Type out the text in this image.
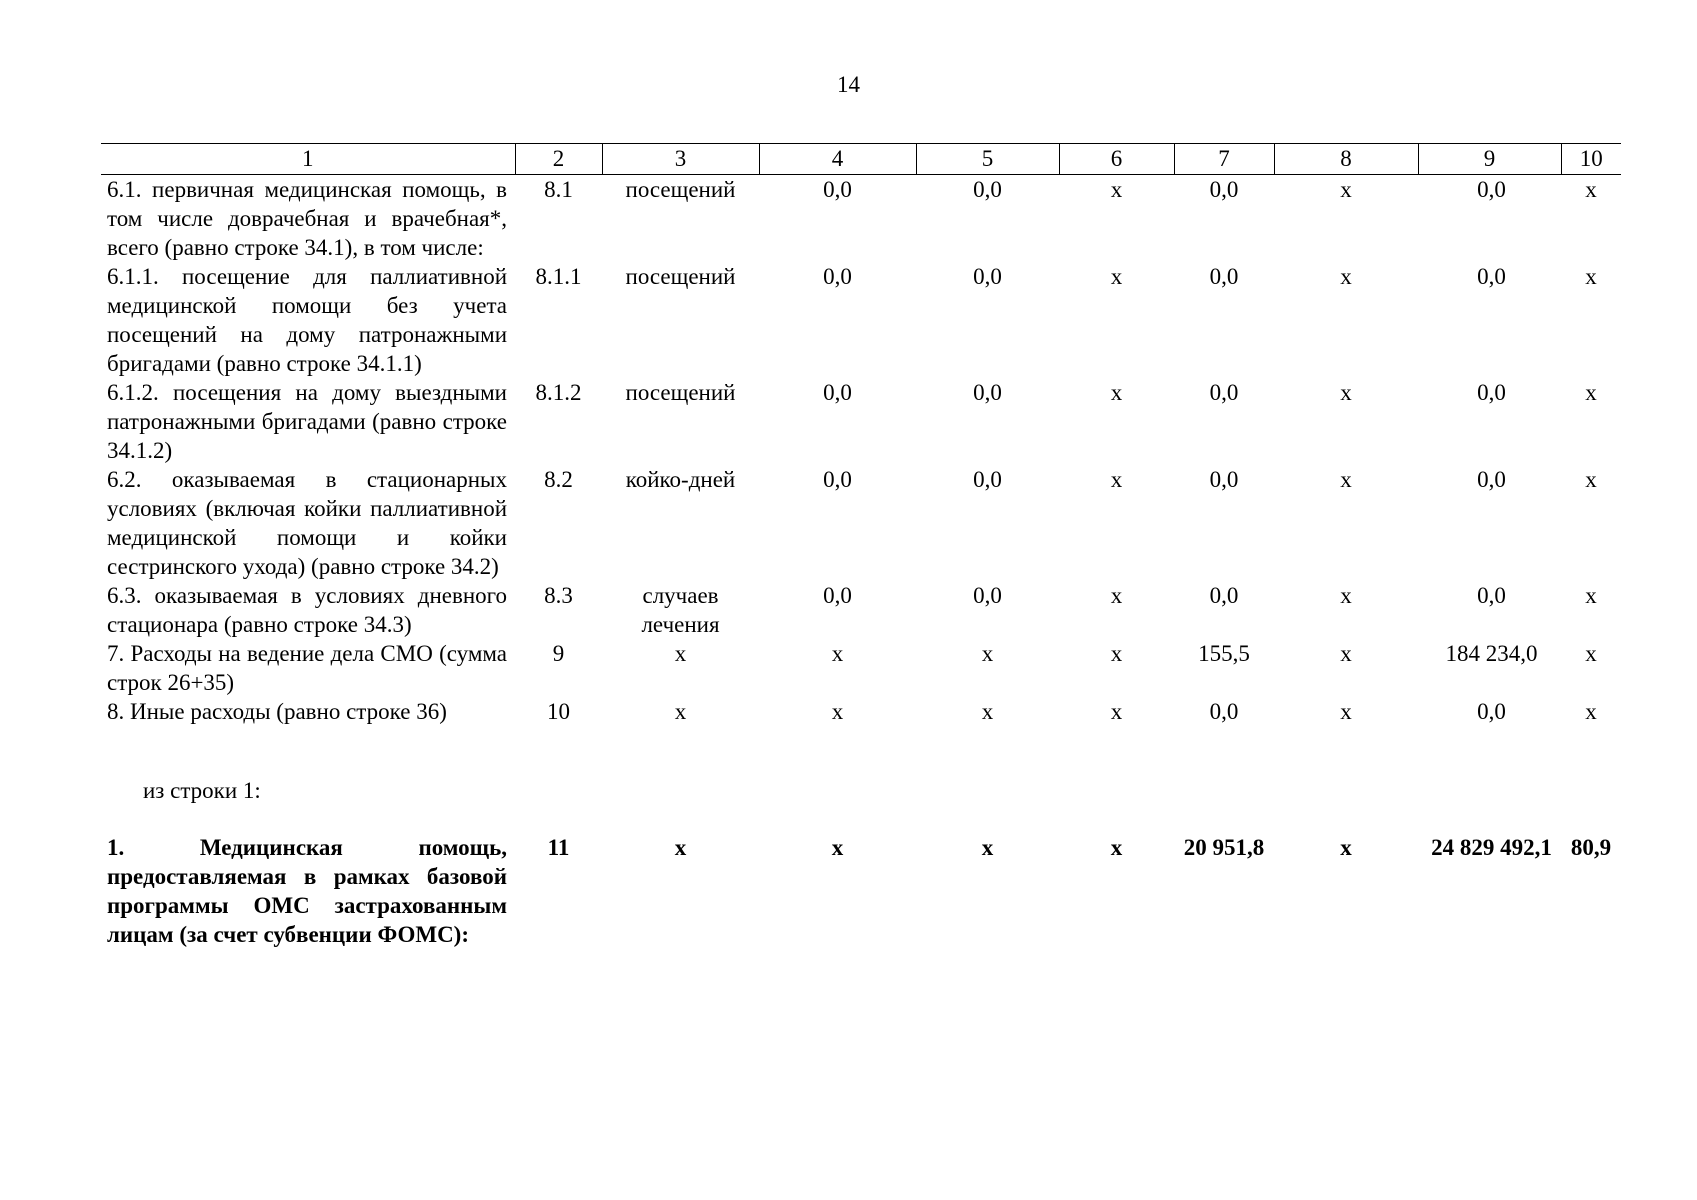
14
1	2	3	4	5	6	7	8	9	10
6.1. первичная медицинская помощь, в том числе доврачебная и врачебная*, всего (равно строке 34.1), в том числе:	8.1	посещений	0,0	0,0	х	0,0	х	0,0	х
6.1.1. посещение для паллиативной медицинской помощи без учета посещений на дому патронажными бригадами (равно строке 34.1.1)	8.1.1	посещений	0,0	0,0	х	0,0	х	0,0	х
6.1.2. посещения на дому выездными патронажными бригадами (равно строке 34.1.2)	8.1.2	посещений	0,0	0,0	х	0,0	х	0,0	х
6.2. оказываемая в стационарных условиях (включая койки паллиативной медицинской помощи и койки сестринского ухода) (равно строке 34.2)	8.2	койко-дней	0,0	0,0	х	0,0	х	0,0	х
6.3. оказываемая в условиях дневного стационара (равно строке 34.3)	8.3	случаев лечения	0,0	0,0	х	0,0	х	0,0	х
7. Расходы на ведение дела СМО (сумма строк 26+35)	9	х	х	х	х	155,5	х	184 234,0	х
8. Иные расходы (равно строке 36)	10	х	х	х	х	0,0	х	0,0	х
из строки 1:									
1. Медицинская помощь, предоставляемая в рамках базовой программы ОМС застрахованным лицам (за счет субвенции ФОМС):	11	х	х	х	х	20 951,8	х	24 829 492,1	80,9
